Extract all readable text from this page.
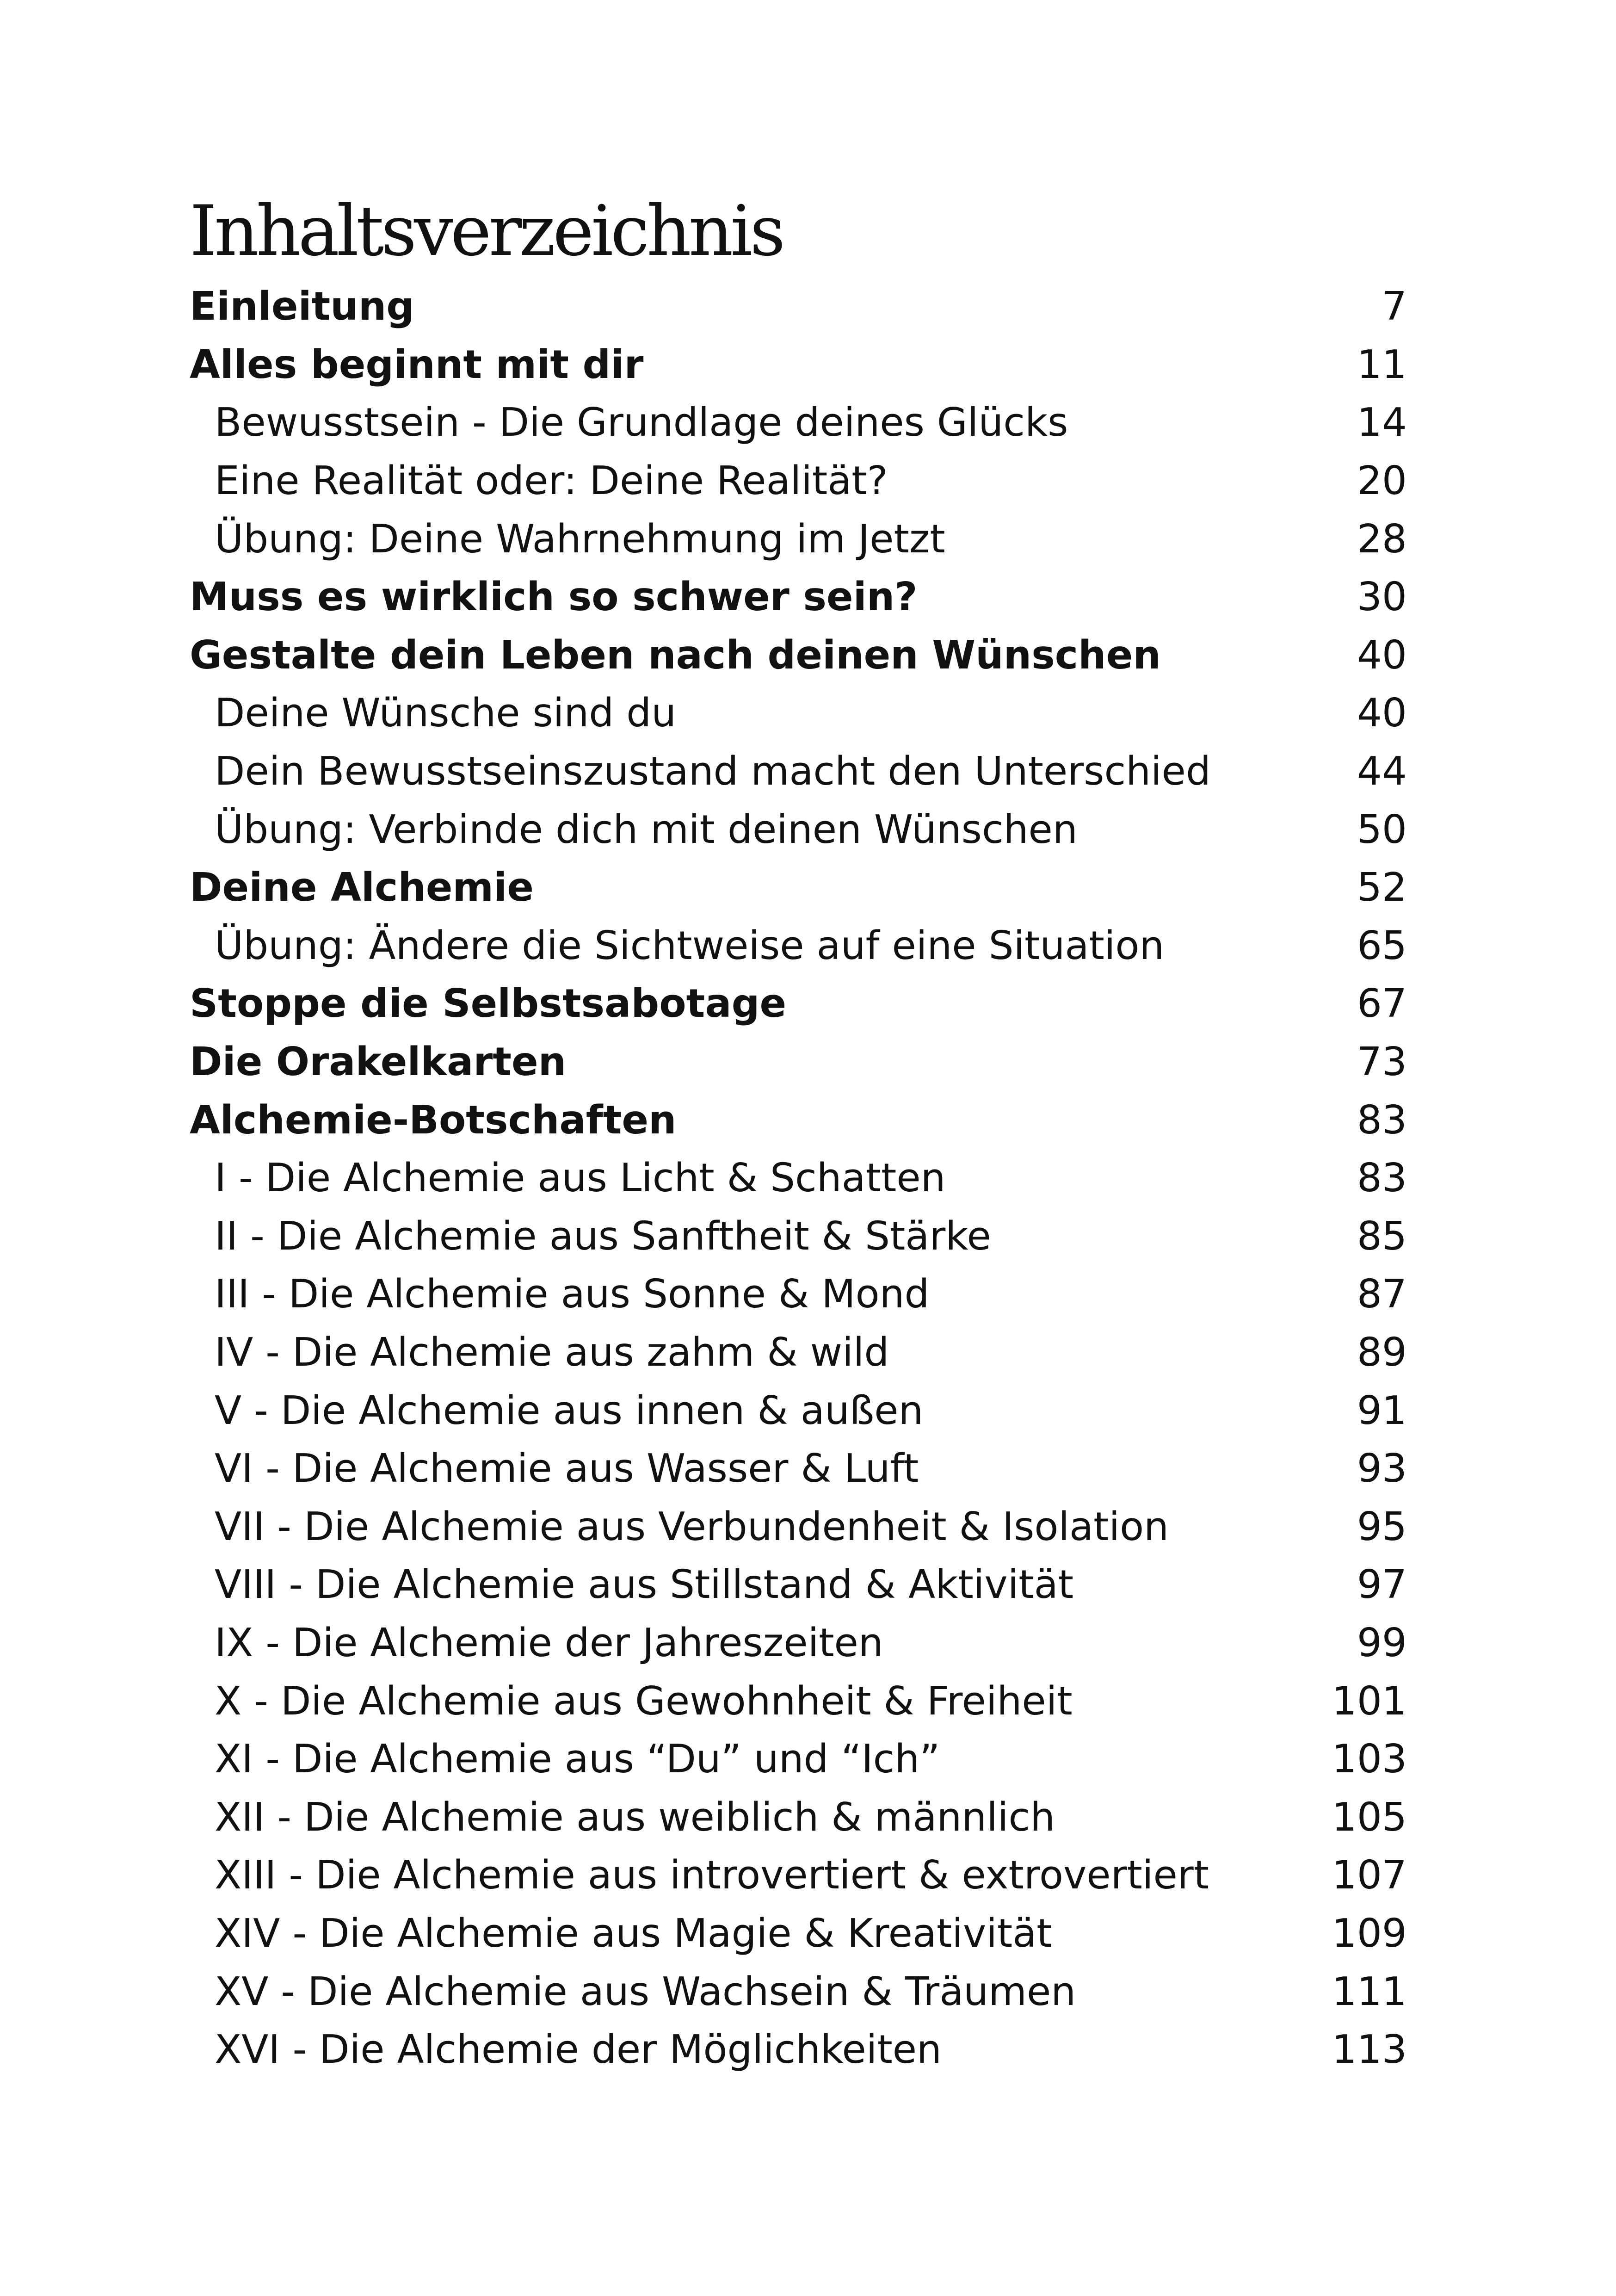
Inhaltsverzeichnis
Einleitung	7
Alles beginnt mit dir	11
Bewusstsein - Die Grundlage deines Glücks	14
Eine Realität oder: Deine Realität?	20
Übung: Deine Wahrnehmung im Jetzt	28
Muss es wirklich so schwer sein?	30
Gestalte dein Leben nach deinen Wünschen	40
Deine Wünsche sind du	40
Dein Bewusstseinszustand macht den Unterschied	44
Übung: Verbinde dich mit deinen Wünschen	50
Deine Alchemie	52
Übung: Ändere die Sichtweise auf eine Situation	65
Stoppe die Selbstsabotage	67
Die Orakelkarten	73
Alchemie-Botschaften	83
I - Die Alchemie aus Licht & Schatten	83
II - Die Alchemie aus Sanftheit & Stärke	85
III - Die Alchemie aus Sonne & Mond	87
IV - Die Alchemie aus zahm & wild	89
V - Die Alchemie aus innen & außen	91
VI - Die Alchemie aus Wasser & Luft	93
VII - Die Alchemie aus Verbundenheit & Isolation	95
VIII - Die Alchemie aus Stillstand & Aktivität	97
IX - Die Alchemie der Jahreszeiten	99
X - Die Alchemie aus Gewohnheit & Freiheit	101
XI - Die Alchemie aus “Du” und “Ich”	103
XII - Die Alchemie aus weiblich & männlich	105
XIII - Die Alchemie aus introvertiert & extrovertiert	107
XIV - Die Alchemie aus Magie & Kreativität	109
XV - Die Alchemie aus Wachsein & Träumen	111
XVI - Die Alchemie der Möglichkeiten	113
